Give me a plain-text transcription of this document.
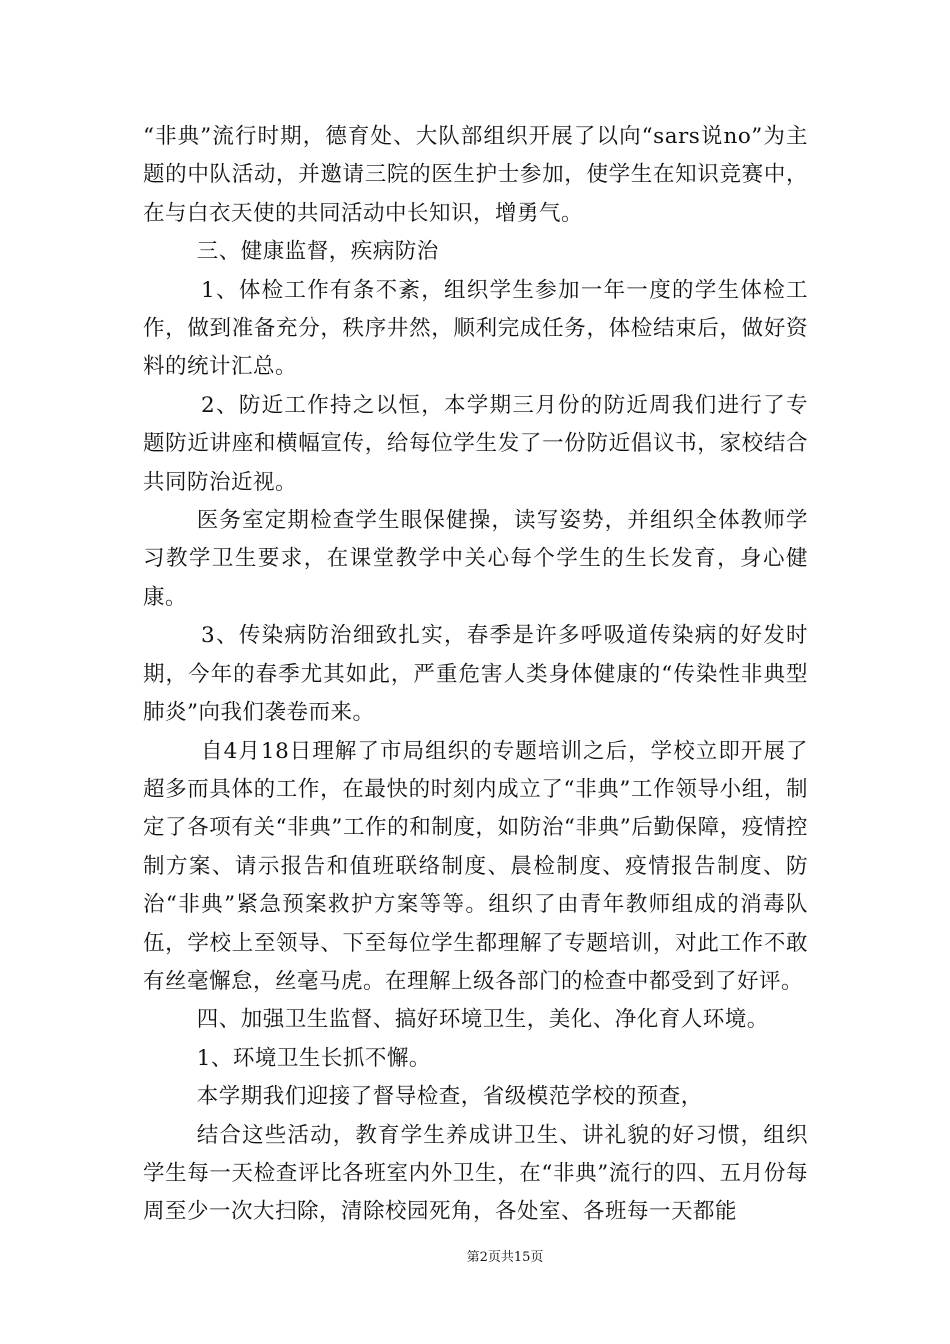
“非典”流行时期，德育处、大队部组织开展了以向“sars说no”为主题的中队活动，并邀请三院的医生护士参加，使学生在知识竞赛中，在与白衣天使的共同活动中长知识，增勇气。

三、健康监督，疾病防治

1、体检工作有条不紊，组织学生参加一年一度的学生体检工作，做到准备充分，秩序井然，顺利完成任务，体检结束后，做好资料的统计汇总。

2、防近工作持之以恒，本学期三月份的防近周我们进行了专题防近讲座和横幅宣传，给每位学生发了一份防近倡议书，家校结合共同防治近视。

医务室定期检查学生眼保健操，读写姿势，并组织全体教师学习教学卫生要求，在课堂教学中关心每个学生的生长发育，身心健康。

3、传染病防治细致扎实，春季是许多呼吸道传染病的好发时期，今年的春季尤其如此，严重危害人类身体健康的“传染性非典型肺炎”向我们袭卷而来。

自4月18日理解了市局组织的专题培训之后，学校立即开展了超多而具体的工作，在最快的时刻内成立了“非典”工作领导小组，制定了各项有关“非典”工作的和制度，如防治“非典”后勤保障，疫情控制方案、请示报告和值班联络制度、晨检制度、疫情报告制度、防治“非典”紧急预案救护方案等等。组织了由青年教师组成的消毒队伍，学校上至领导、下至每位学生都理解了专题培训，对此工作不敢有丝毫懈怠，丝毫马虎。在理解上级各部门的检查中都受到了好评。

四、加强卫生监督、搞好环境卫生，美化、净化育人环境。

1、环境卫生长抓不懈。

本学期我们迎接了督导检查，省级模范学校的预查，

结合这些活动，教育学生养成讲卫生、讲礼貌的好习惯，组织学生每一天检查评比各班室内外卫生，在“非典”流行的四、五月份每周至少一次大扫除，清除校园死角，各处室、各班每一天都能

第2页共15页
